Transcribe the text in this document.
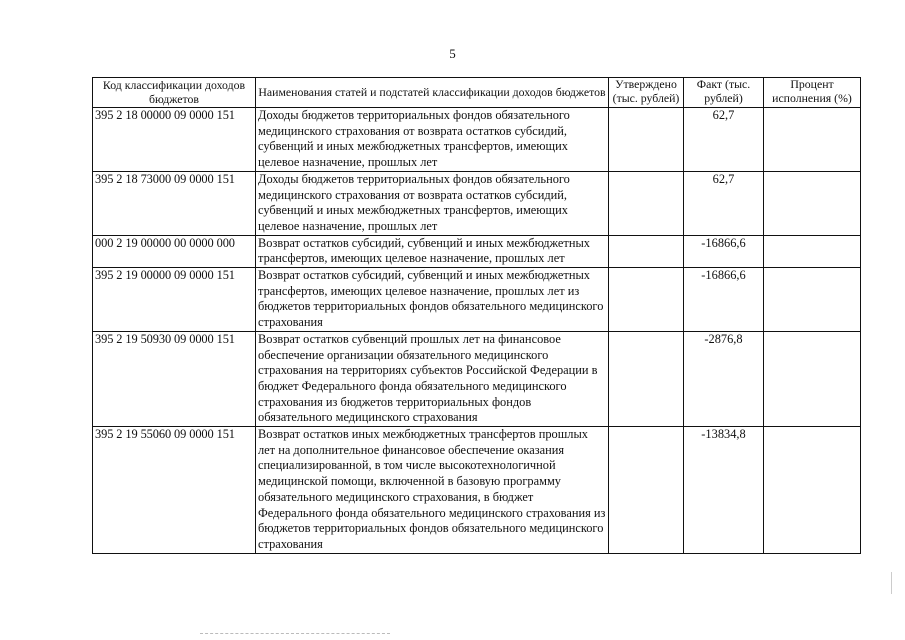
5
Код классификации доходов бюджетов	Наименования статей и подстатей классификации доходов бюджетов	Утверждено (тыс. рублей)	Факт (тыс. рублей)	Процент исполнения (%)
395 2 18 00000 09 0000 151	Доходы бюджетов территориальных фондов обязательного медицинского страхования от возврата остатков субсидий, субвенций и иных межбюджетных трансфертов, имеющих целевое назначение, прошлых лет		62,7	
395 2 18 73000 09 0000 151	Доходы бюджетов территориальных фондов обязательного медицинского страхования от возврата остатков субсидий, субвенций и иных межбюджетных трансфертов, имеющих целевое назначение, прошлых лет		62,7	
000 2 19 00000 00 0000 000	Возврат остатков субсидий, субвенций и иных межбюджетных трансфертов, имеющих целевое назначение, прошлых лет		-16866,6	
395 2 19 00000 09 0000 151	Возврат остатков субсидий, субвенций и иных межбюджетных трансфертов, имеющих целевое назначение, прошлых лет из бюджетов территориальных фондов обязательного медицинского страхования		-16866,6	
395 2 19 50930 09 0000 151	Возврат остатков субвенций прошлых лет на финансовое обеспечение организации обязательного медицинского страхования на территориях субъектов Российской Федерации в бюджет Федерального фонда обязательного медицинского страхования из бюджетов территориальных фондов обязательного медицинского страхования		-2876,8	
395 2 19 55060 09 0000 151	Возврат остатков иных межбюджетных трансфертов прошлых лет на дополнительное финансовое обеспечение оказания специализированной, в том числе высокотехнологичной медицинской помощи, включенной в базовую программу обязательного медицинского страхования, в бюджет Федерального фонда обязательного медицинского страхования из бюджетов территориальных фондов обязательного медицинского страхования		-13834,8	
